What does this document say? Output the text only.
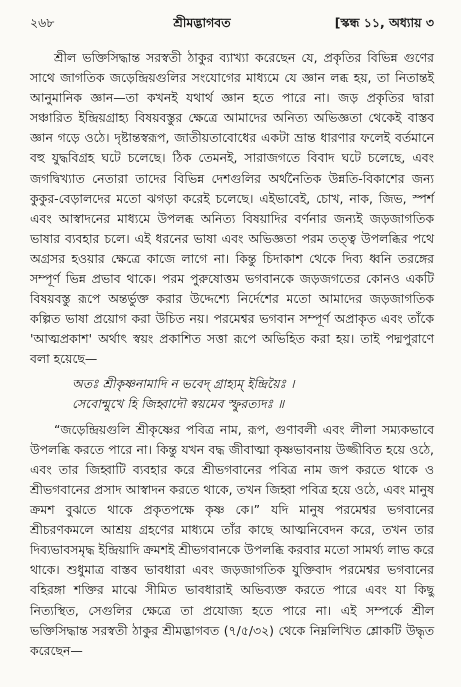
২৬৮	শ্রীমদ্ভাগবত	[স্কন্ধ ১১, অধ্যায় ৩

শ্রীল ভক্তিসিদ্ধান্ত সরস্বতী ঠাকুর ব্যাখ্যা করেছেন যে, প্রকৃতির বিভিন্ন গুণের সাথে জাগতিক জড়েন্দ্রিয়গুলির সংযোগের মাধ্যমে যে জ্ঞান লব্ধ হয়, তা নিতান্তই আনুমানিক জ্ঞান—তা কখনই যথার্থ জ্ঞান হতে পারে না। জড় প্রকৃতির দ্বারা সঞ্চারিত ইন্দ্রিয়গ্রাহ্য বিষয়বস্তুর ক্ষেত্রে আমাদের অনিত্য অভিজ্ঞতা থেকেই বাস্তব জ্ঞান গড়ে ওঠে। দৃষ্টান্তস্বরূপ, জাতীয়তাবোধের একটা ভ্রান্ত ধারণার ফলেই বর্তমানে বহু যুদ্ধবিগ্রহ ঘটে চলেছে। ঠিক তেমনই, সারাজগতে বিবাদ ঘটে চলেছে, এবং জগদ্বিখ্যাত নেতারা তাদের বিভিন্ন দেশগুলির অর্থনৈতিক উন্নতি-বিকাশের জন্য কুকুর-বেড়ালদের মতো ঝগড়া করেই চলেছে। এইভাবেই, চোখ, নাক, জিভ, স্পর্শ এবং আস্বাদনের মাধ্যমে উপলব্ধ অনিত্য বিষয়াদির বর্ণনার জন্যই জড়জাগতিক ভাষার ব্যবহার চলে। এই ধরনের ভাষা এবং অভিজ্ঞতা পরম তত্ত্ব উপলব্ধির পথে অগ্রসর হওয়ার ক্ষেত্রে কাজে লাগে না। কিন্তু চিদাকাশ থেকে দিব্য ধ্বনি তরঙ্গের সম্পূর্ণ ভিন্ন প্রভাব থাকে। পরম পুরুষোত্তম ভগবানকে জড়জগতের কোনও একটি বিষয়বস্তু রূপে অন্তর্ভুক্ত করার উদ্দেশ্যে নির্দেশের মতো আমাদের জড়জাগতিক কল্পিত ভাষা প্রয়োগ করা উচিত নয়। পরমেশ্বর ভগবান সম্পূর্ণ অপ্রাকৃত এবং তাঁকে 'আত্মপ্রকাশ' অর্থাৎ স্বয়ং প্রকাশিত সত্তা রূপে অভিহিত করা হয়। তাই পদ্মপুরাণে বলা হয়েছে—

অতঃ শ্রীকৃষ্ণনামাদি ন ভবেদ্ গ্রাহ্যম্ ইন্দ্রিয়ৈঃ ।
সেবোন্মুখে হি জিহ্বাদৌ স্বয়মেব স্ফুরত্যদঃ ॥

“জড়েন্দ্রিয়গুলি শ্রীকৃষ্ণের পবিত্র নাম, রূপ, গুণাবলী এবং লীলা সম্যকভাবে উপলব্ধি করতে পারে না। কিন্তু যখন বদ্ধ জীবাত্মা কৃষ্ণভাবনায় উজ্জীবিত হয়ে ওঠে, এবং তার জিহ্বাটি ব্যবহার করে শ্রীভগবানের পবিত্র নাম জপ করতে থাকে ও শ্রীভগবানের প্রসাদ আস্বাদন করতে থাকে, তখন জিহ্বা পবিত্র হয়ে ওঠে, এবং মানুষ ক্রমশ বুঝতে থাকে প্রকৃতপক্ষে কৃষ্ণ কে।” যদি মানুষ পরমেশ্বর ভগবানের শ্রীচরণকমলে আশ্রয় গ্রহণের মাধ্যমে তাঁর কাছে আত্মনিবেদন করে, তখন তার দিব্যভাবসমৃদ্ধ ইন্দ্রিয়াদি ক্রমশই শ্রীভগবানকে উপলব্ধি করবার মতো সামর্থ্য লাভ করে থাকে। শুধুমাত্র বাস্তব ভাবধারা এবং জড়জাগতিক যুক্তিবাদ পরমেশ্বর ভগবানের বহিরঙ্গা শক্তির মাঝে সীমিত ভাবধারাই অভিব্যক্ত করতে পারে এবং যা কিছু নিত্যস্থিত, সেগুলির ক্ষেত্রে তা প্রযোজ্য হতে পারে না। এই সম্পর্কে শ্রীল ভক্তিসিদ্ধান্ত সরস্বতী ঠাকুর শ্রীমদ্ভাগবত (৭/৫/৩২) থেকে নিম্নলিখিত শ্লোকটি উদ্ধৃত করেছেন—
